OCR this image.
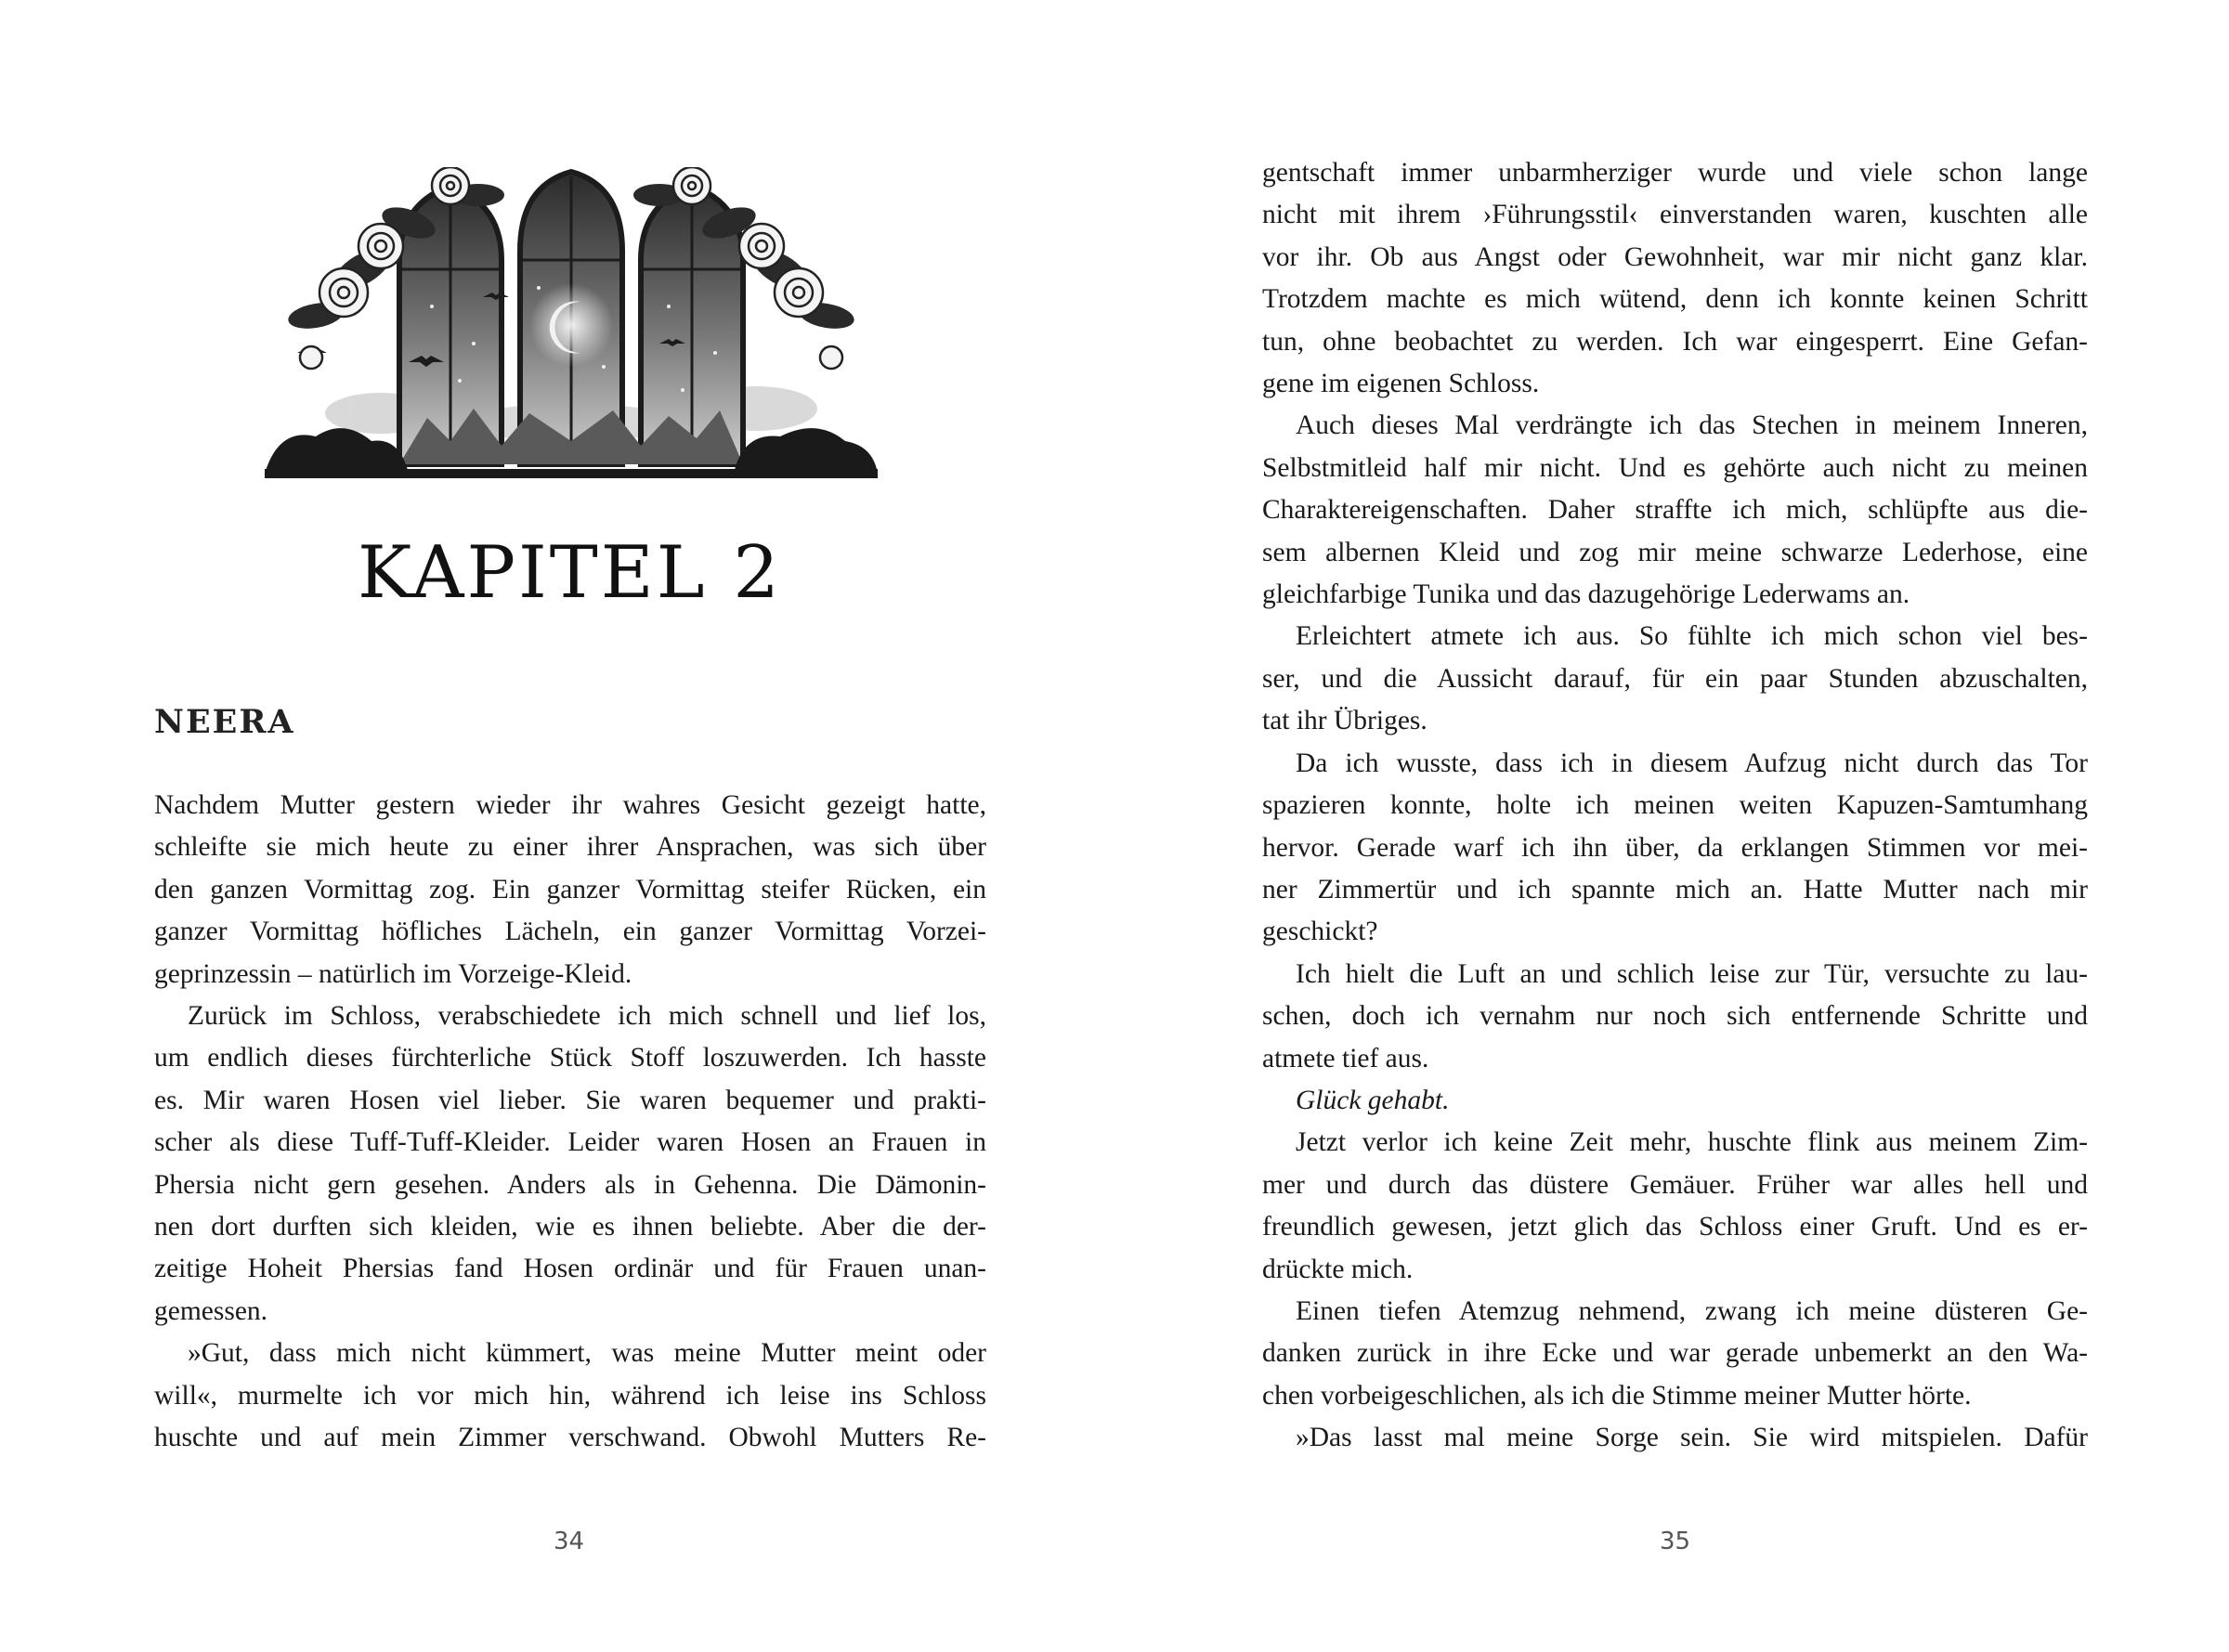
KAPITEL 2
NEERA
Nachdem Mutter gestern wieder ihr wahres Gesicht gezeigt hatte,
schleifte sie mich heute zu einer ihrer Ansprachen, was sich über
den ganzen Vormittag zog. Ein ganzer Vormittag steifer Rücken, ein
ganzer Vormittag höfliches Lächeln, ein ganzer Vormittag Vorzei-
geprinzessin – natürlich im Vorzeige-Kleid.
Zurück im Schloss, verabschiedete ich mich schnell und lief los,
um endlich dieses fürchterliche Stück Stoff loszuwerden. Ich hasste
es. Mir waren Hosen viel lieber. Sie waren bequemer und prakti-
scher als diese Tuff-Tuff-Kleider. Leider waren Hosen an Frauen in
Phersia nicht gern gesehen. Anders als in Gehenna. Die Dämonin-
nen dort durften sich kleiden, wie es ihnen beliebte. Aber die der-
zeitige Hoheit Phersias fand Hosen ordinär und für Frauen unan-
gemessen.
»Gut, dass mich nicht kümmert, was meine Mutter meint oder
will«, murmelte ich vor mich hin, während ich leise ins Schloss
huschte und auf mein Zimmer verschwand. Obwohl Mutters Re-
34
gentschaft immer unbarmherziger wurde und viele schon lange
nicht mit ihrem ›Führungsstil‹ einverstanden waren, kuschten alle
vor ihr. Ob aus Angst oder Gewohnheit, war mir nicht ganz klar.
Trotzdem machte es mich wütend, denn ich konnte keinen Schritt
tun, ohne beobachtet zu werden. Ich war eingesperrt. Eine Gefan-
gene im eigenen Schloss.
Auch dieses Mal verdrängte ich das Stechen in meinem Inneren,
Selbstmitleid half mir nicht. Und es gehörte auch nicht zu meinen
Charaktereigenschaften. Daher straffte ich mich, schlüpfte aus die-
sem albernen Kleid und zog mir meine schwarze Lederhose, eine
gleichfarbige Tunika und das dazugehörige Lederwams an.
Erleichtert atmete ich aus. So fühlte ich mich schon viel bes-
ser, und die Aussicht darauf, für ein paar Stunden abzuschalten,
tat ihr Übriges.
Da ich wusste, dass ich in diesem Aufzug nicht durch das Tor
spazieren konnte, holte ich meinen weiten Kapuzen-Samtumhang
hervor. Gerade warf ich ihn über, da erklangen Stimmen vor mei-
ner Zimmertür und ich spannte mich an. Hatte Mutter nach mir
geschickt?
Ich hielt die Luft an und schlich leise zur Tür, versuchte zu lau-
schen, doch ich vernahm nur noch sich entfernende Schritte und
atmete tief aus.
Glück gehabt.
Jetzt verlor ich keine Zeit mehr, huschte flink aus meinem Zim-
mer und durch das düstere Gemäuer. Früher war alles hell und
freundlich gewesen, jetzt glich das Schloss einer Gruft. Und es er-
drückte mich.
Einen tiefen Atemzug nehmend, zwang ich meine düsteren Ge-
danken zurück in ihre Ecke und war gerade unbemerkt an den Wa-
chen vorbeigeschlichen, als ich die Stimme meiner Mutter hörte.
»Das lasst mal meine Sorge sein. Sie wird mitspielen. Dafür
35
